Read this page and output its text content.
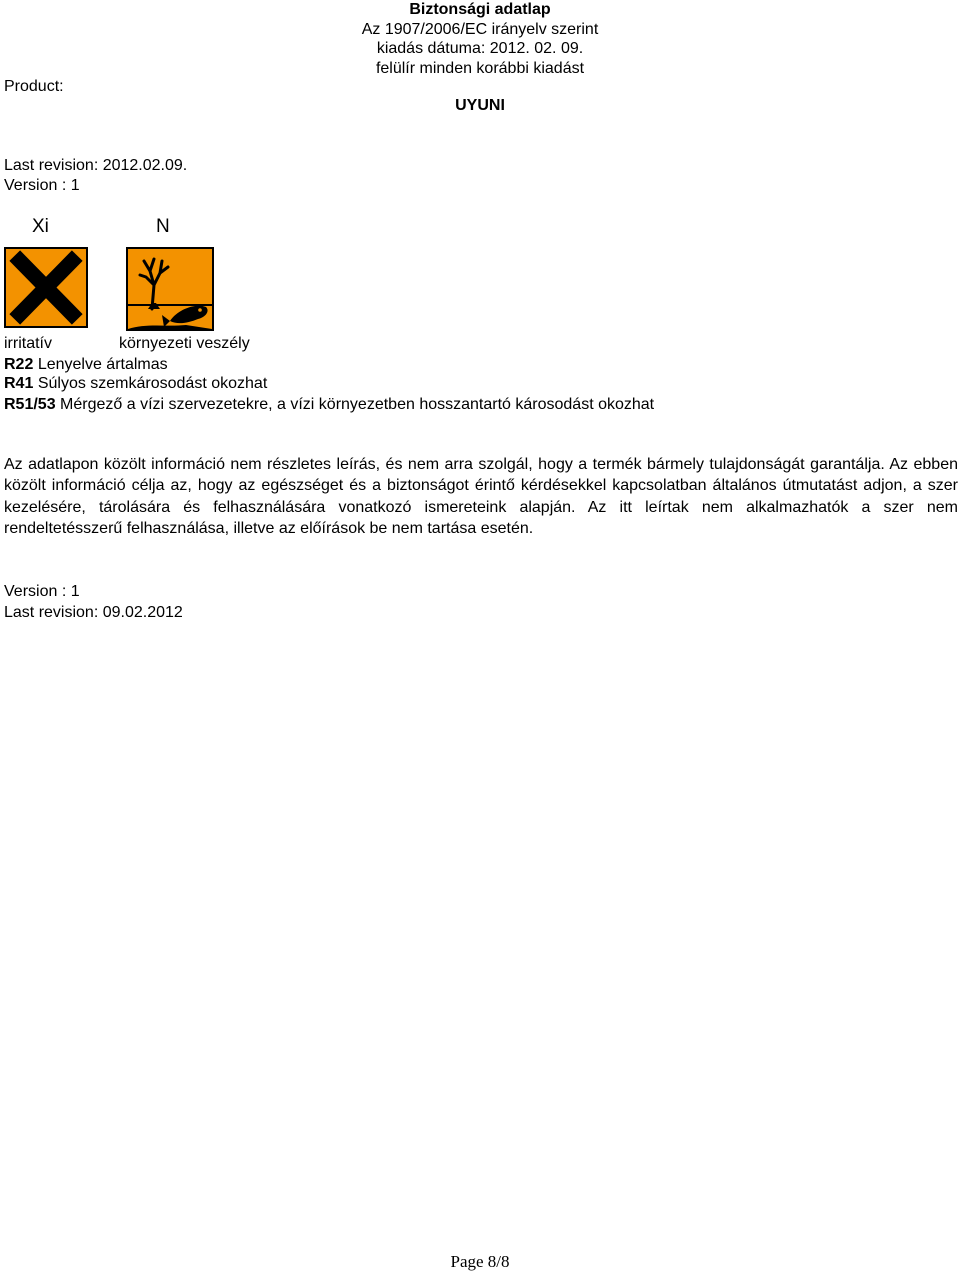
Biztonsági adatlap
Az 1907/2006/EC irányelv szerint
kiadás dátuma: 2012. 02. 09.
felülír minden korábbi kiadást
Product:
UYUNI
Last revision: 2012.02.09.
Version : 1
Xi	N
irritatív	környezeti veszély
R22 Lenyelve ártalmas
R41 Súlyos szemkárosodást okozhat
R51/53 Mérgező a vízi szervezetekre, a vízi környezetben hosszantartó károsodást okozhat
Az adatlapon közölt információ nem részletes leírás, és nem arra szolgál, hogy a termék bármely tulajdonságát garantálja. Az ebben közölt információ célja az, hogy az egészséget és a biztonságot érintő kérdésekkel kapcsolatban általános útmutatást adjon, a szer kezelésére, tárolására és felhasználására vonatkozó ismereteink alapján. Az itt leírtak nem alkalmazhatók a szer nem rendeltetésszerű felhasználása, illetve az előírások be nem tartása esetén.
Version : 1
Last revision: 09.02.2012
Page 8/8
